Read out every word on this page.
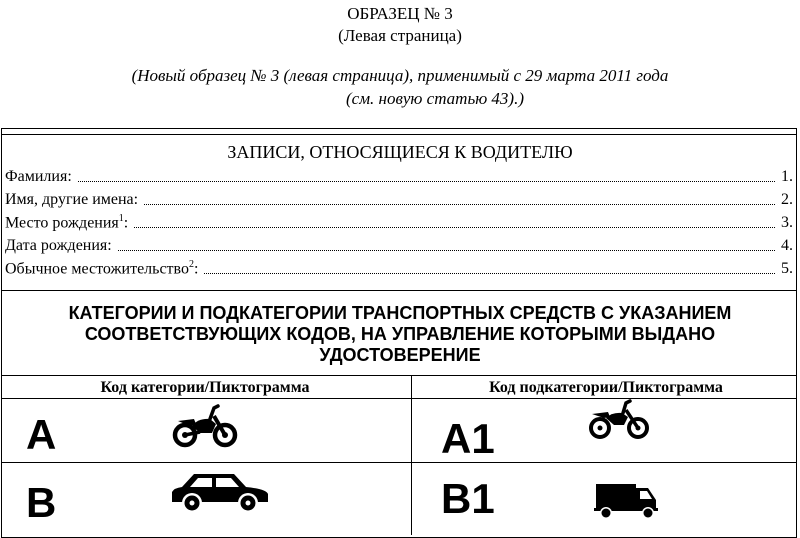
ОБРАЗЕЦ № 3
(Левая страница)
(Новый образец № 3 (левая страница), применимый с 29 марта 2011 года
(см. новую статью 43).)
ЗАПИСИ, ОТНОСЯЩИЕСЯ К ВОДИТЕЛЮ
Фамилия:	1.
Имя, другие имена:	2.
Место рождения$^1$:	3.
Дата рождения:	4.
Обычное местожительство$^2$:	5.
КАТЕГОРИИ И ПОДКАТЕГОРИИ ТРАНСПОРТНЫХ СРЕДСТВ С УКАЗАНИЕМ
СООТВЕТСТВУЮЩИХ КОДОВ, НА УПРАВЛЕНИЕ КОТОРЫМИ ВЫДАНО
УДОСТОВЕРЕНИЕ
Код категории/Пиктограмма	Код подкатегории/Пиктограмма
A	A1
B	B1
